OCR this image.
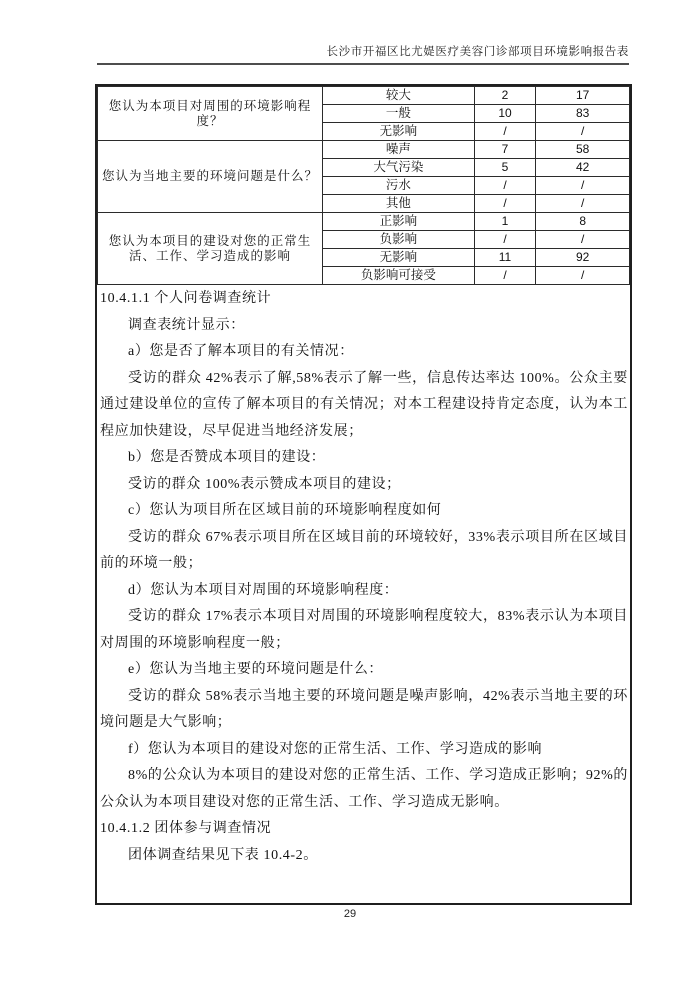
长沙市开福区比尤媞医疗美容门诊部项目环境影响报告表
您认为本项目对周围的环境影响程度？	较大	2	17
	一般	10	83
	无影响	/	/
您认为当地主要的环境问题是什么？	噪声	7	58
	大气污染	5	42
	污水	/	/
	其他	/	/
您认为本项目的建设对您的正常生活、工作、学习造成的影响	正影响	1	8
	负影响	/	/
	无影响	11	92
	负影响可接受	/	/

10.4.1.1 个人问卷调查统计

调查表统计显示：

a）您是否了解本项目的有关情况：

受访的群众 42%表示了解,58%表示了解一些，信息传达率达 100%。公众主要通过建设单位的宣传了解本项目的有关情况；对本工程建设持肯定态度，认为本工程应加快建设，尽早促进当地经济发展；

b）您是否赞成本项目的建设：

受访的群众 100%表示赞成本项目的建设；

c）您认为项目所在区域目前的环境影响程度如何

受访的群众 67%表示项目所在区域目前的环境较好，33%表示项目所在区域目前的环境一般；

d）您认为本项目对周围的环境影响程度：

受访的群众 17%表示本项目对周围的环境影响程度较大，83%表示认为本项目对周围的环境影响程度一般；

e）您认为当地主要的环境问题是什么：

受访的群众 58%表示当地主要的环境问题是噪声影响，42%表示当地主要的环境问题是大气影响；

f）您认为本项目的建设对您的正常生活、工作、学习造成的影响

8%的公众认为本项目的建设对您的正常生活、工作、学习造成正影响；92%的公众认为本项目建设对您的正常生活、工作、学习造成无影响。

10.4.1.2 团体参与调查情况

团体调查结果见下表 10.4-2。

29
